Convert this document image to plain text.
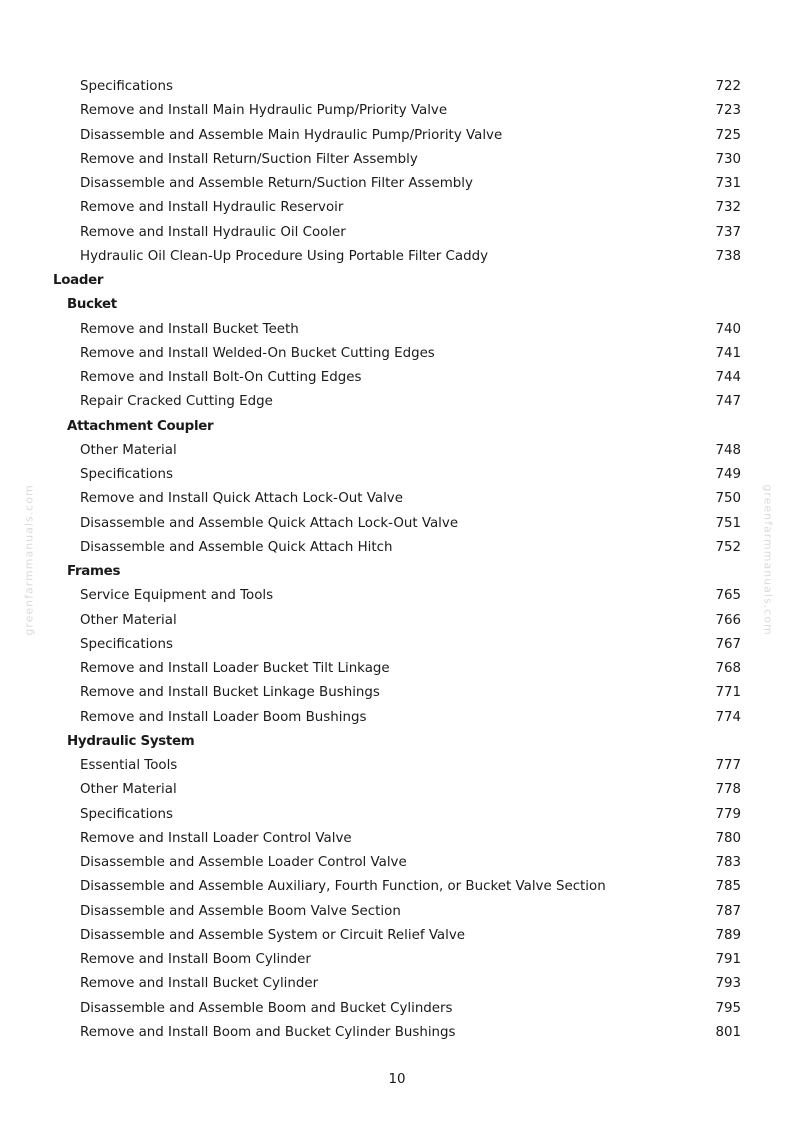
Specifications	722
Remove and Install Main Hydraulic Pump/Priority Valve	723
Disassemble and Assemble Main Hydraulic Pump/Priority Valve	725
Remove and Install Return/Suction Filter Assembly	730
Disassemble and Assemble Return/Suction Filter Assembly	731
Remove and Install Hydraulic Reservoir	732
Remove and Install Hydraulic Oil Cooler	737
Hydraulic Oil Clean-Up Procedure Using Portable Filter Caddy	738
Loader
Bucket
Remove and Install Bucket Teeth	740
Remove and Install Welded-On Bucket Cutting Edges	741
Remove and Install Bolt-On Cutting Edges	744
Repair Cracked Cutting Edge	747
Attachment Coupler
Other Material	748
Specifications	749
Remove and Install Quick Attach Lock-Out Valve	750
Disassemble and Assemble Quick Attach Lock-Out Valve	751
Disassemble and Assemble Quick Attach Hitch	752
Frames
Service Equipment and Tools	765
Other Material	766
Specifications	767
Remove and Install Loader Bucket Tilt Linkage	768
Remove and Install Bucket Linkage Bushings	771
Remove and Install Loader Boom Bushings	774
Hydraulic System
Essential Tools	777
Other Material	778
Specifications	779
Remove and Install Loader Control Valve	780
Disassemble and Assemble Loader Control Valve	783
Disassemble and Assemble Auxiliary, Fourth Function, or Bucket Valve Section	785
Disassemble and Assemble Boom Valve Section	787
Disassemble and Assemble System or Circuit Relief Valve	789
Remove and Install Boom Cylinder	791
Remove and Install Bucket Cylinder	793
Disassemble and Assemble Boom and Bucket Cylinders	795
Remove and Install Boom and Bucket Cylinder Bushings	801
greenfarmmanuals.com	greenfarmmanuals.com
10
